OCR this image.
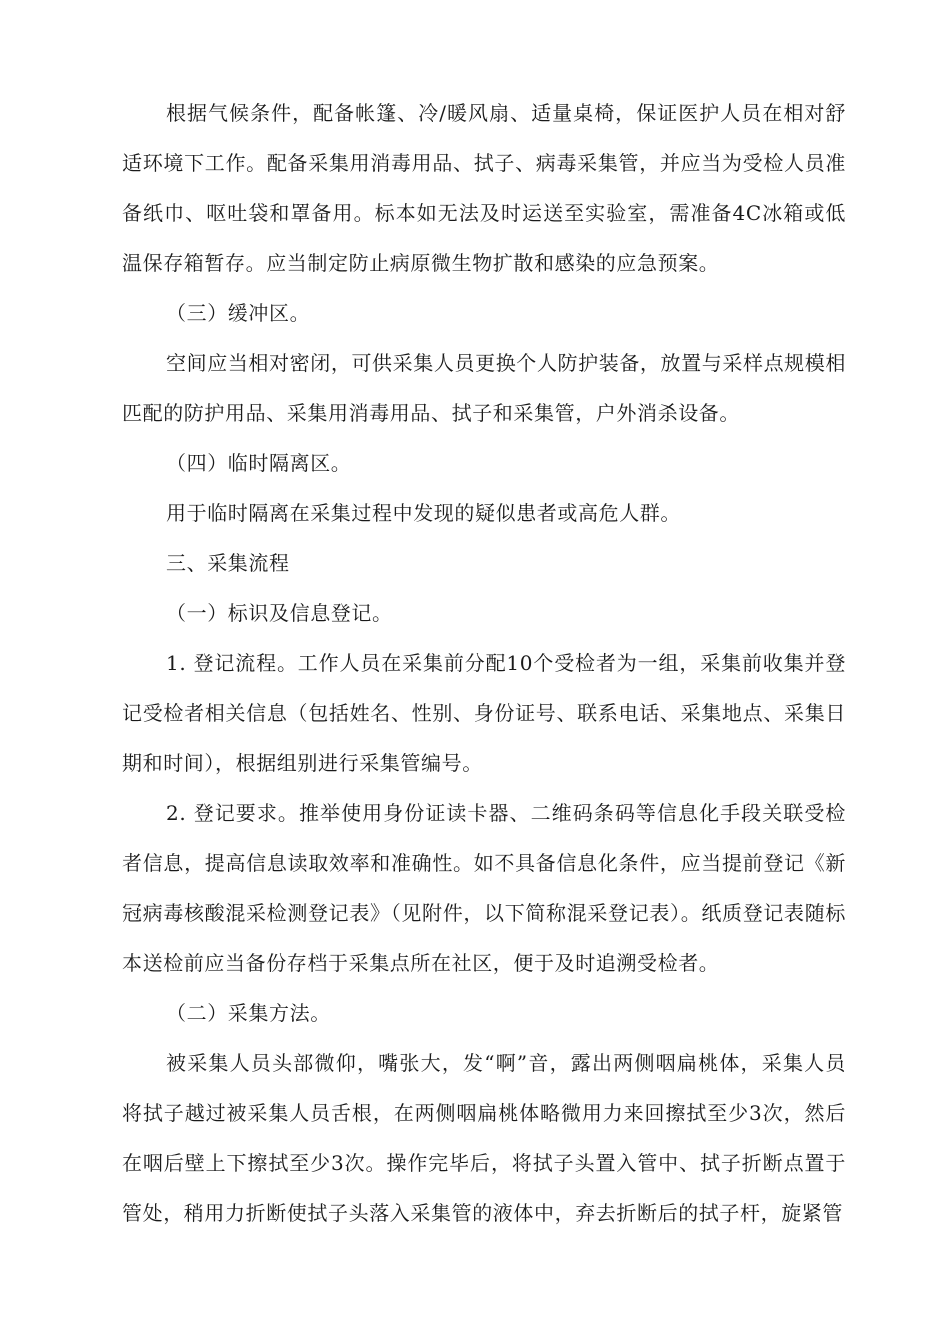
根据气候条件，配备帐篷、冷/暖风扇、适量桌椅，保证医护人员在相对舒适环境下工作。配备采集用消毒用品、拭子、病毒采集管，并应当为受检人员准备纸巾、呕吐袋和罩备用。标本如无法及时运送至实验室，需准备4C冰箱或低温保存箱暂存。应当制定防止病原微生物扩散和感染的应急预案。

（三）缓冲区。

空间应当相对密闭，可供采集人员更换个人防护装备，放置与采样点规模相匹配的防护用品、采集用消毒用品、拭子和采集管，户外消杀设备。

（四）临时隔离区。

用于临时隔离在采集过程中发现的疑似患者或高危人群。

三、采集流程

（一）标识及信息登记。

1. 登记流程。工作人员在采集前分配10个受检者为一组，采集前收集并登记受检者相关信息（包括姓名、性别、身份证号、联系电话、采集地点、采集日期和时间），根据组别进行采集管编号。

2. 登记要求。推举使用身份证读卡器、二维码条码等信息化手段关联受检者信息，提高信息读取效率和准确性。如不具备信息化条件，应当提前登记《新冠病毒核酸混采检测登记表》（见附件，以下简称混采登记表）。纸质登记表随标本送检前应当备份存档于采集点所在社区，便于及时追溯受检者。

（二）采集方法。

被采集人员头部微仰，嘴张大，发“啊”音，露出两侧咽扁桃体，采集人员将拭子越过被采集人员舌根，在两侧咽扁桃体略微用力来回擦拭至少3次，然后在咽后壁上下擦拭至少3次。操作完毕后，将拭子头置入管中、拭子折断点置于管处，稍用力折断使拭子头落入采集管的液体中，弃去折断后的拭子杆，旋紧管
